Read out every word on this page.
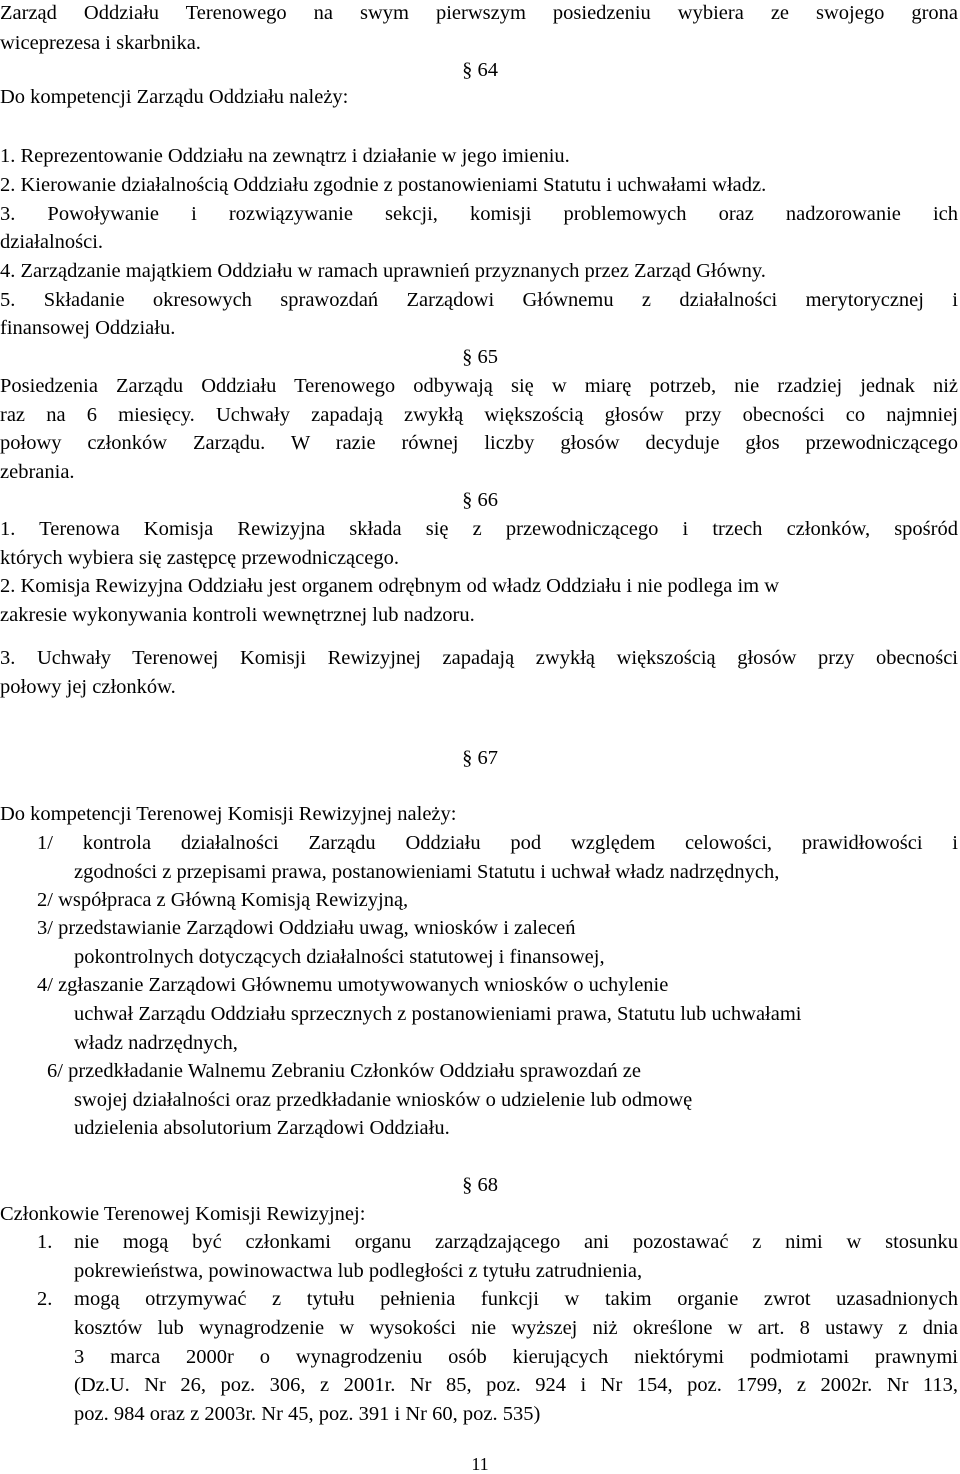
Zarząd Oddziału Terenowego na swym pierwszym posiedzeniu wybiera ze swojego grona
wiceprezesa i skarbnika.
§ 64
Do kompetencji Zarządu Oddziału należy:
1. Reprezentowanie Oddziału na zewnątrz i działanie w jego imieniu.
2. Kierowanie działalnością Oddziału zgodnie z postanowieniami Statutu i uchwałami władz.
3. Powoływanie i rozwiązywanie sekcji, komisji problemowych oraz nadzorowanie ich
działalności.
4. Zarządzanie majątkiem Oddziału w ramach uprawnień przyznanych przez Zarząd Główny.
5. Składanie okresowych sprawozdań Zarządowi Głównemu z działalności merytorycznej i
finansowej Oddziału.
§ 65
Posiedzenia Zarządu Oddziału Terenowego odbywają się w miarę potrzeb, nie rzadziej jednak niż
raz na 6 miesięcy. Uchwały zapadają zwykłą większością głosów przy obecności co najmniej
połowy członków Zarządu. W razie równej liczby głosów decyduje głos przewodniczącego
zebrania.
§ 66
1. Terenowa Komisja Rewizyjna składa się z przewodniczącego i trzech członków, spośród
których wybiera się zastępcę przewodniczącego.
2. Komisja Rewizyjna Oddziału jest organem odrębnym od władz Oddziału i nie podlega im w
zakresie wykonywania kontroli wewnętrznej lub nadzoru.
3. Uchwały Terenowej Komisji Rewizyjnej zapadają zwykłą większością głosów przy obecności
połowy jej członków.
§ 67
Do kompetencji Terenowej Komisji Rewizyjnej należy:
1/ kontrola działalności Zarządu Oddziału pod względem celowości, prawidłowości i
zgodności z przepisami prawa, postanowieniami Statutu i uchwał władz nadrzędnych,
2/ współpraca z Główną Komisją Rewizyjną,
3/ przedstawianie Zarządowi Oddziału uwag, wniosków i zaleceń
pokontrolnych dotyczących działalności statutowej i finansowej,
4/ zgłaszanie Zarządowi Głównemu umotywowanych wniosków o uchylenie
uchwał Zarządu Oddziału sprzecznych z postanowieniami prawa, Statutu lub uchwałami
władz nadrzędnych,
6/ przedkładanie Walnemu Zebraniu Członków Oddziału sprawozdań ze
swojej działalności oraz przedkładanie wniosków o udzielenie lub odmowę
udzielenia absolutorium Zarządowi Oddziału.
§ 68
Członkowie Terenowej Komisji Rewizyjnej:
1. nie mogą być członkami organu zarządzającego ani pozostawać z nimi w stosunku
pokrewieństwa, powinowactwa lub podległości z tytułu zatrudnienia,
2. mogą otrzymywać z tytułu pełnienia funkcji w takim organie zwrot uzasadnionych
kosztów lub wynagrodzenie w wysokości nie wyższej niż określone w art. 8 ustawy z dnia
3 marca 2000r o wynagrodzeniu osób kierujących niektórymi podmiotami prawnymi
(Dz.U. Nr 26, poz. 306, z 2001r. Nr 85, poz. 924 i Nr 154, poz. 1799, z 2002r. Nr 113,
poz. 984 oraz z 2003r. Nr 45, poz. 391 i Nr 60, poz. 535)
11
